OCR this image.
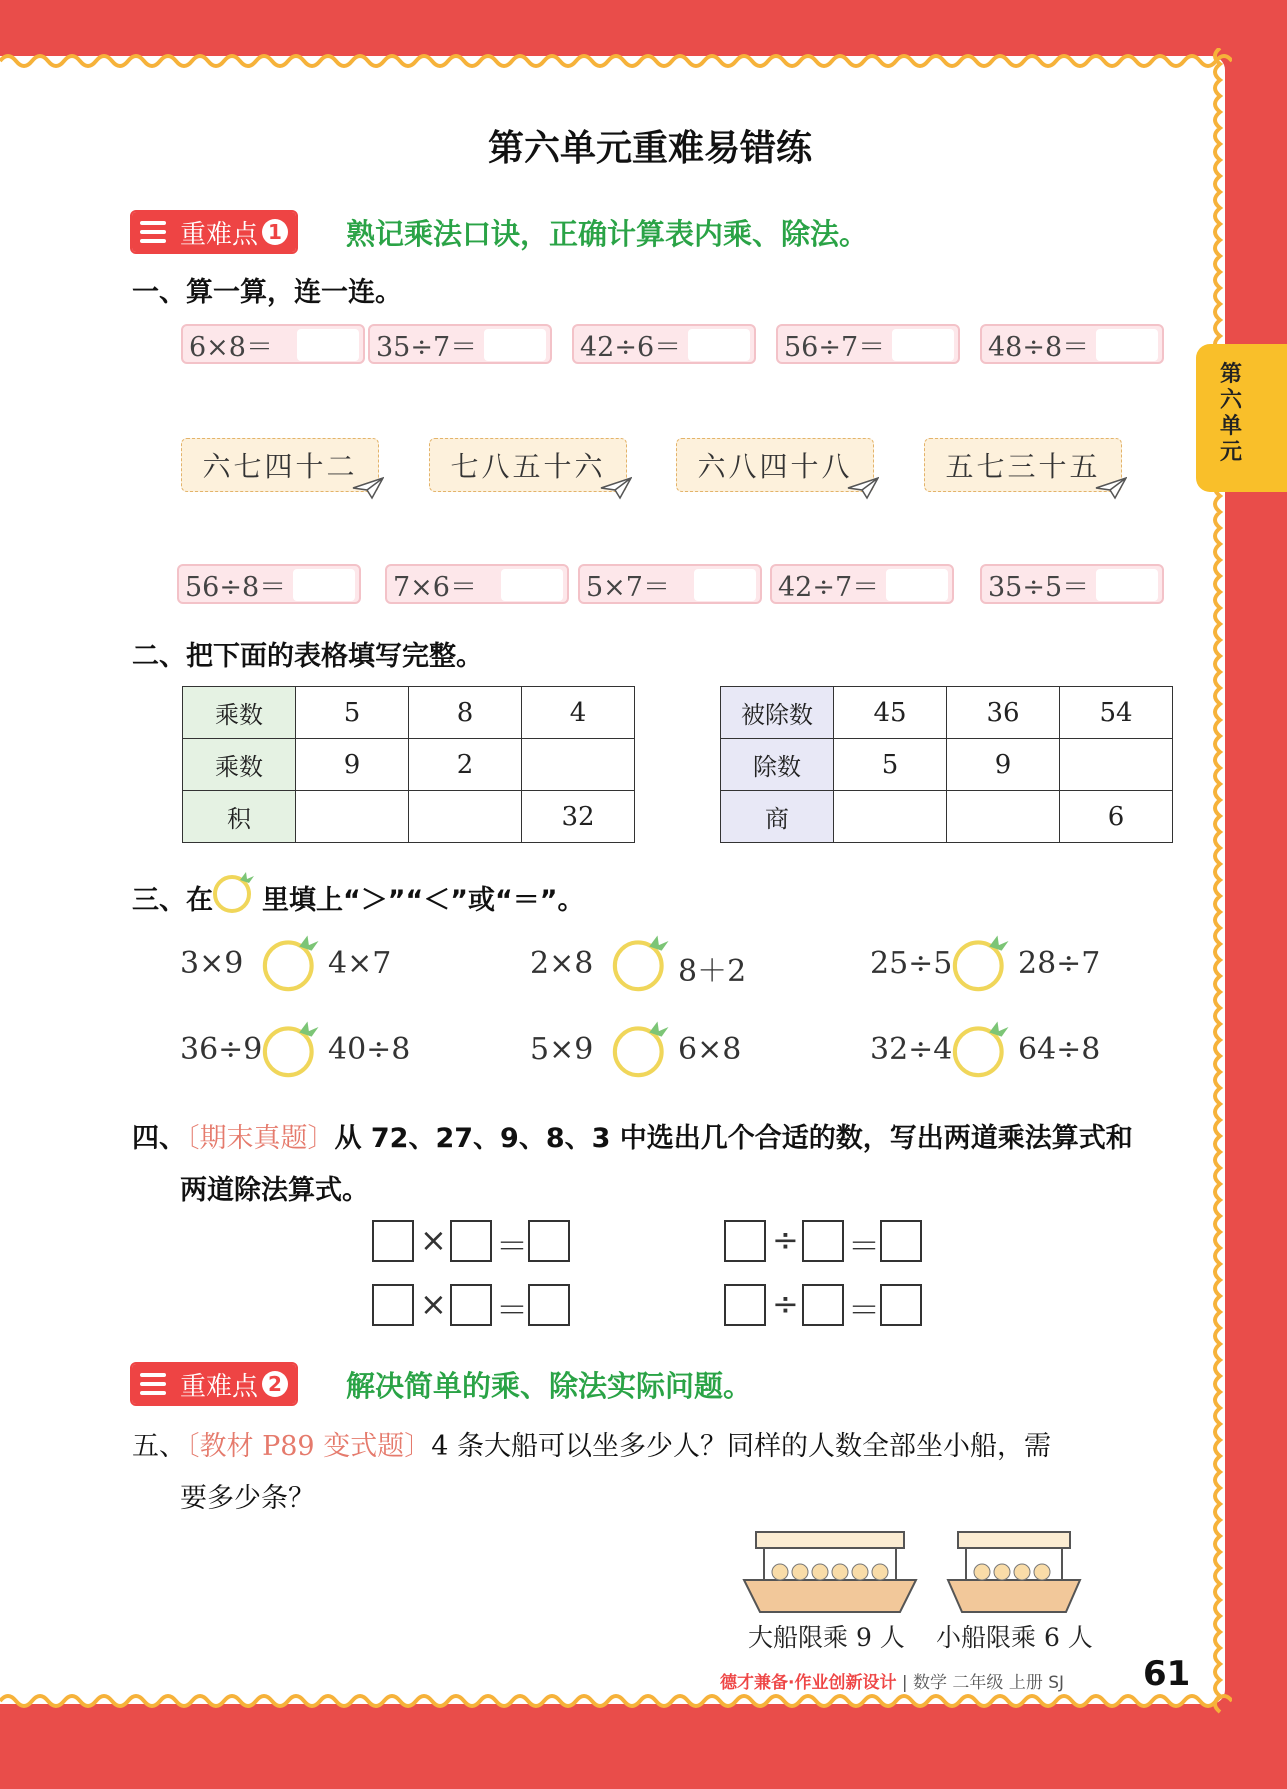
第六单元
第六单元重难易错练
重难点 1 熟记乘法口诀，正确计算表内乘、除法。
一、算一算，连一连。
6×8＝	35÷7＝	42÷6＝	56÷7＝	48÷8＝
六七四十二	七八五十六	六八四十八	五七三十五
56÷8＝	7×6＝	5×7＝	42÷7＝	35÷5＝
二、把下面的表格填写完整。
乘数	5	8	4
乘数	9	2	
积			32
被除数	45	36	54
除数	5	9	
商			6
三、在 里填上“＞”“＜”或“＝”。
3×9	4×7	2×8	8＋2	25÷5 28÷7
36÷9 40÷8	5×9	6×8	32÷4 64÷8
四、〔期末真题〕从 72、27、9、8、3 中选出几个合适的数，写出两道乘法算式和
两道除法算式。
× ＝
× ＝
÷ ＝
÷ ＝
重难点 2 解决简单的乘、除法实际问题。
五、〔教材 P89 变式题〕4 条大船可以坐多少人？同样的人数全部坐小船，需
要多少条？
大船限乘 9 人 小船限乘 6 人
德才兼备·作业创新设计 | 数学 二年级 上册 SJ 61
